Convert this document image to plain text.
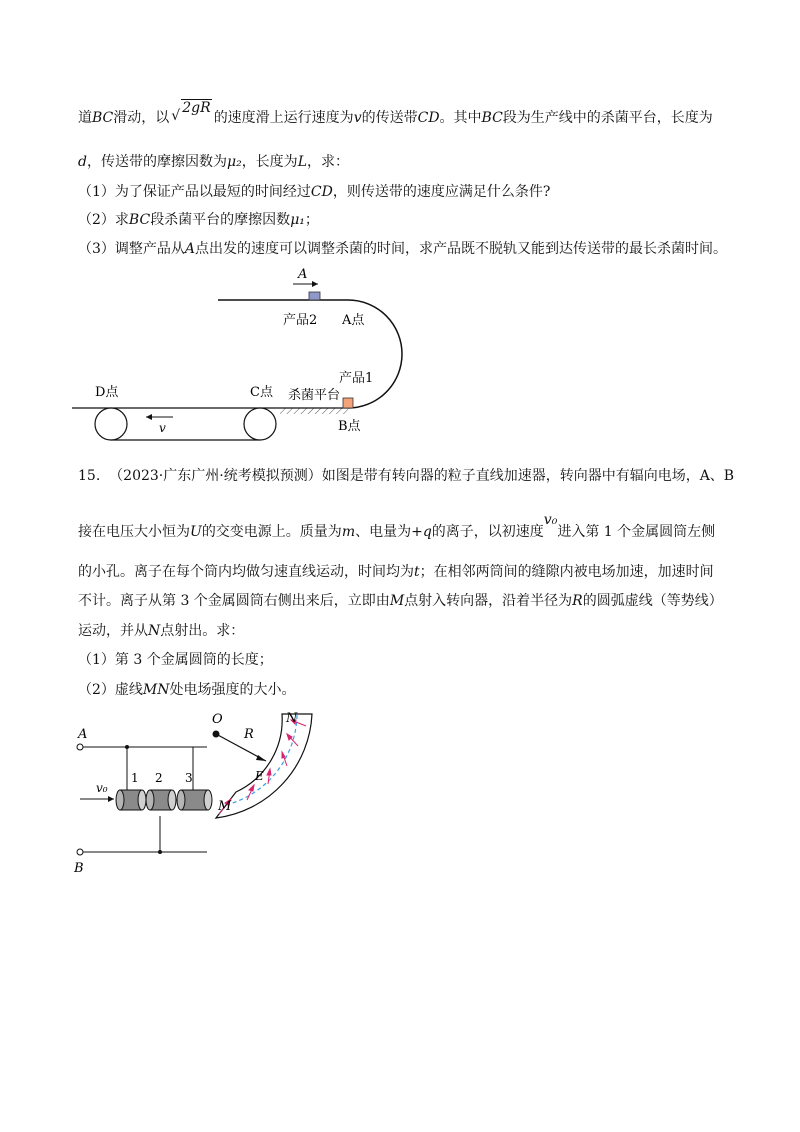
道BC滑动，以 √ 2gR的速度滑上运行速度为v的传送带CD。其中BC段为生产线中的杀菌平台，长度为
d，传送带的摩擦因数为μ₂，长度为L，求：
（1）为了保证产品以最短的时间经过CD，则传送带的速度应满足什么条件?
（2）求BC段杀菌平台的摩擦因数μ₁；
（3）调整产品从A点出发的速度可以调整杀菌的时间，求产品既不脱轨又能到达传送带的最长杀菌时间。
A
产品2 A点
产品1
杀菌平台
B点
D点	C点
v
15. （2023·广东广州·统考模拟预测）如图是带有转向器的粒子直线加速器，转向器中有辐向电场，A、B
接在电压大小恒为U的交变电源上。质量为m、电量为+q的离子，以初速度v₀进入第 1 个金属圆筒左侧
的小孔。离子在每个筒内均做匀速直线运动，时间均为t；在相邻两筒间的缝隙内被电场加速，加速时间
不计。离子从第 3 个金属圆筒右侧出来后，立即由M点射入转向器，沿着半径为R的圆弧虚线（等势线）
运动，并从N点射出。求：
（1）第 3 个金属圆筒的长度；
（2）虚线MN处电场强度的大小。
A
B
v₀
1 2 3
O
R
N
E
M
